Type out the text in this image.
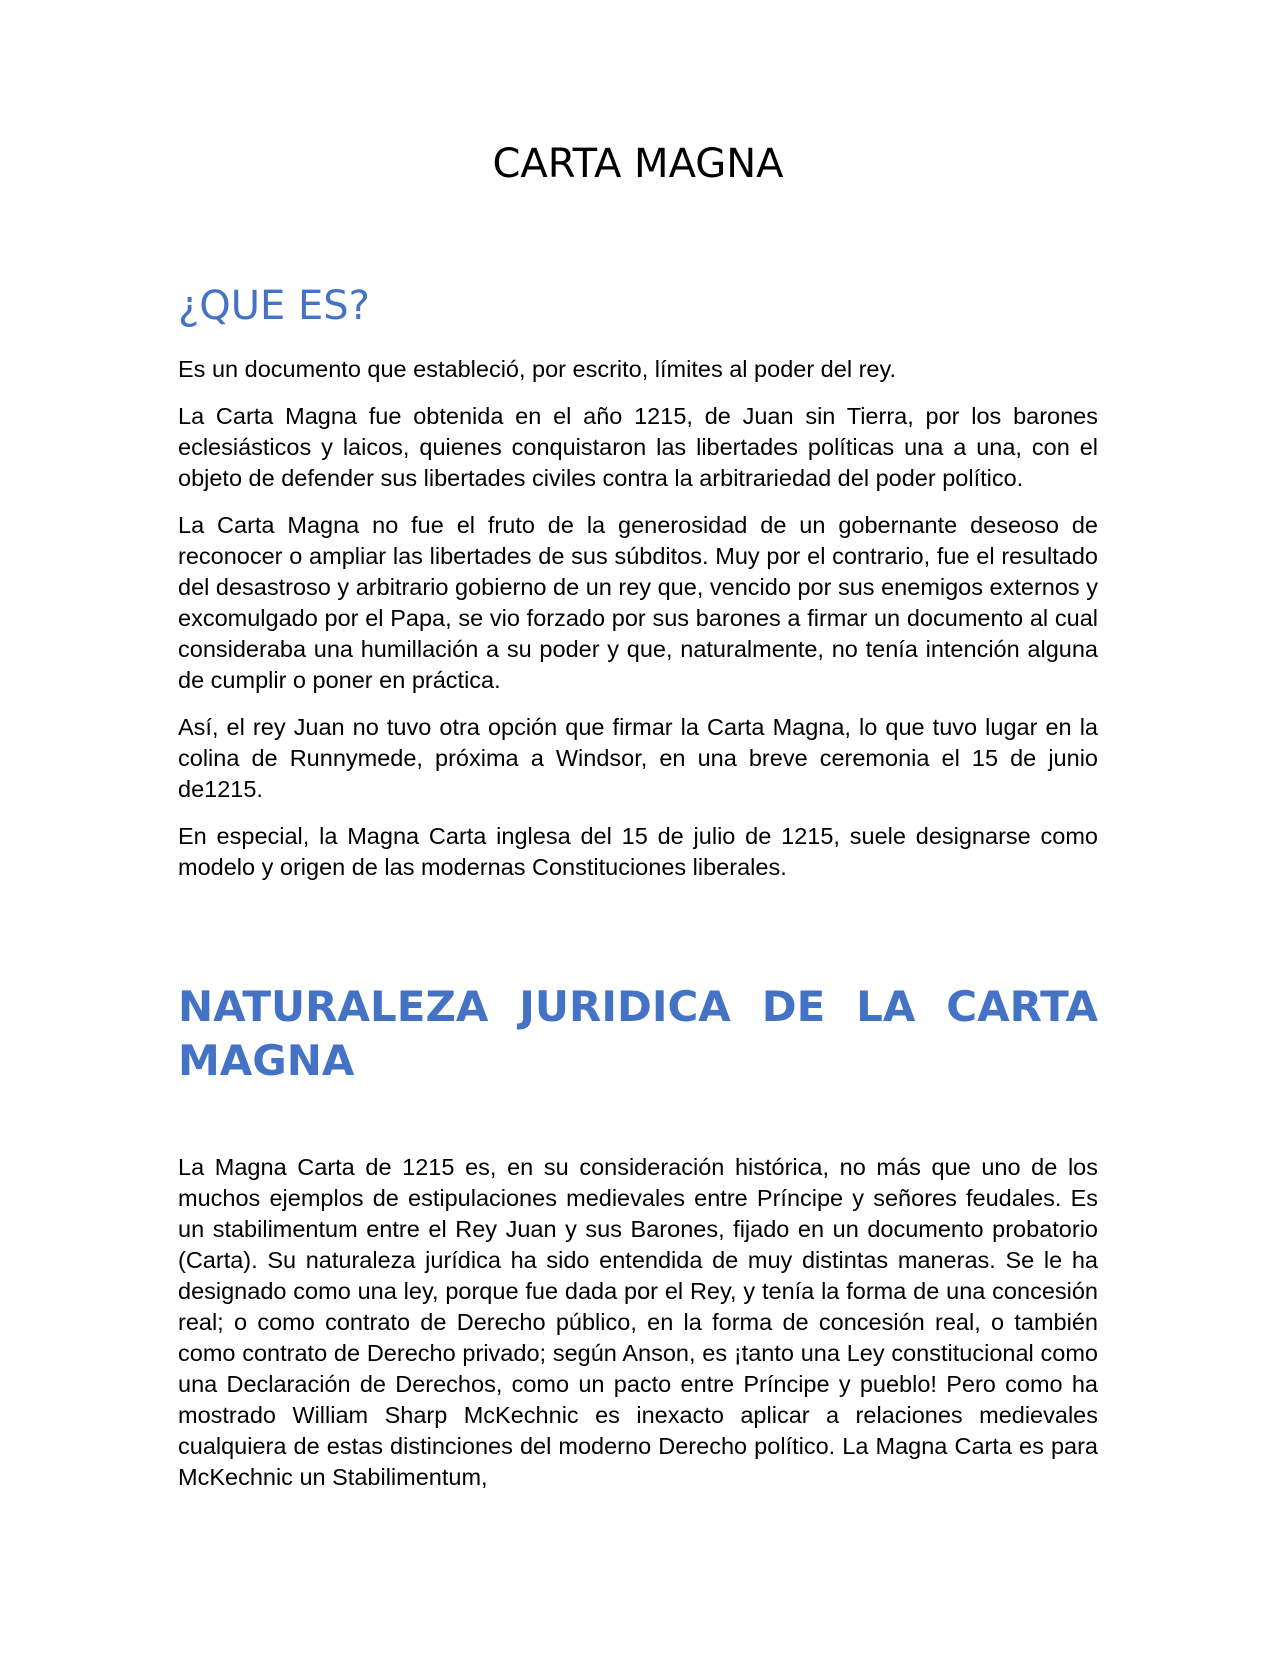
CARTA MAGNA
¿QUE ES?

Es un documento que estableció, por escrito, límites al poder del rey.

La Carta Magna fue obtenida en el año 1215, de Juan sin Tierra, por los barones eclesiásticos y laicos, quienes conquistaron las libertades políticas una a una, con el objeto de defender sus libertades civiles contra la arbitrariedad del poder político.

La Carta Magna no fue el fruto de la generosidad de un gobernante deseoso de reconocer o ampliar las libertades de sus súbditos. Muy por el contrario, fue el resultado del desastroso y arbitrario gobierno de un rey que, vencido por sus enemigos externos y excomulgado por el Papa, se vio forzado por sus barones a firmar un documento al cual consideraba una humillación a su poder y que, naturalmente, no tenía intención alguna de cumplir o poner en práctica.

Así, el rey Juan no tuvo otra opción que firmar la Carta Magna, lo que tuvo lugar en la colina de Runnymede, próxima a Windsor, en una breve ceremonia el 15 de junio de1215.

En especial, la Magna Carta inglesa del 15 de julio de 1215, suele designarse como modelo y origen de las modernas Constituciones liberales.

NATURALEZA JURIDICA DE LA CARTA MAGNA

La Magna Carta de 1215 es, en su consideración histórica, no más que uno de los muchos ejemplos de estipulaciones medievales entre Príncipe y señores feudales. Es un stabilimentum entre el Rey Juan y sus Barones, fijado en un documento probatorio (Carta). Su naturaleza jurídica ha sido entendida de muy distintas maneras. Se le ha designado como una ley, porque fue dada por el Rey, y tenía la forma de una concesión real; o como contrato de Derecho público, en la forma de concesión real, o también como contrato de Derecho privado; según Anson, es ¡tanto una Ley constitucional como una Declaración de Derechos, como un pacto entre Príncipe y pueblo! Pero como ha mostrado William Sharp McKechnic es inexacto aplicar a relaciones medievales cualquiera de estas distinciones del moderno Derecho político. La Magna Carta es para McKechnic un Stabilimentum,
